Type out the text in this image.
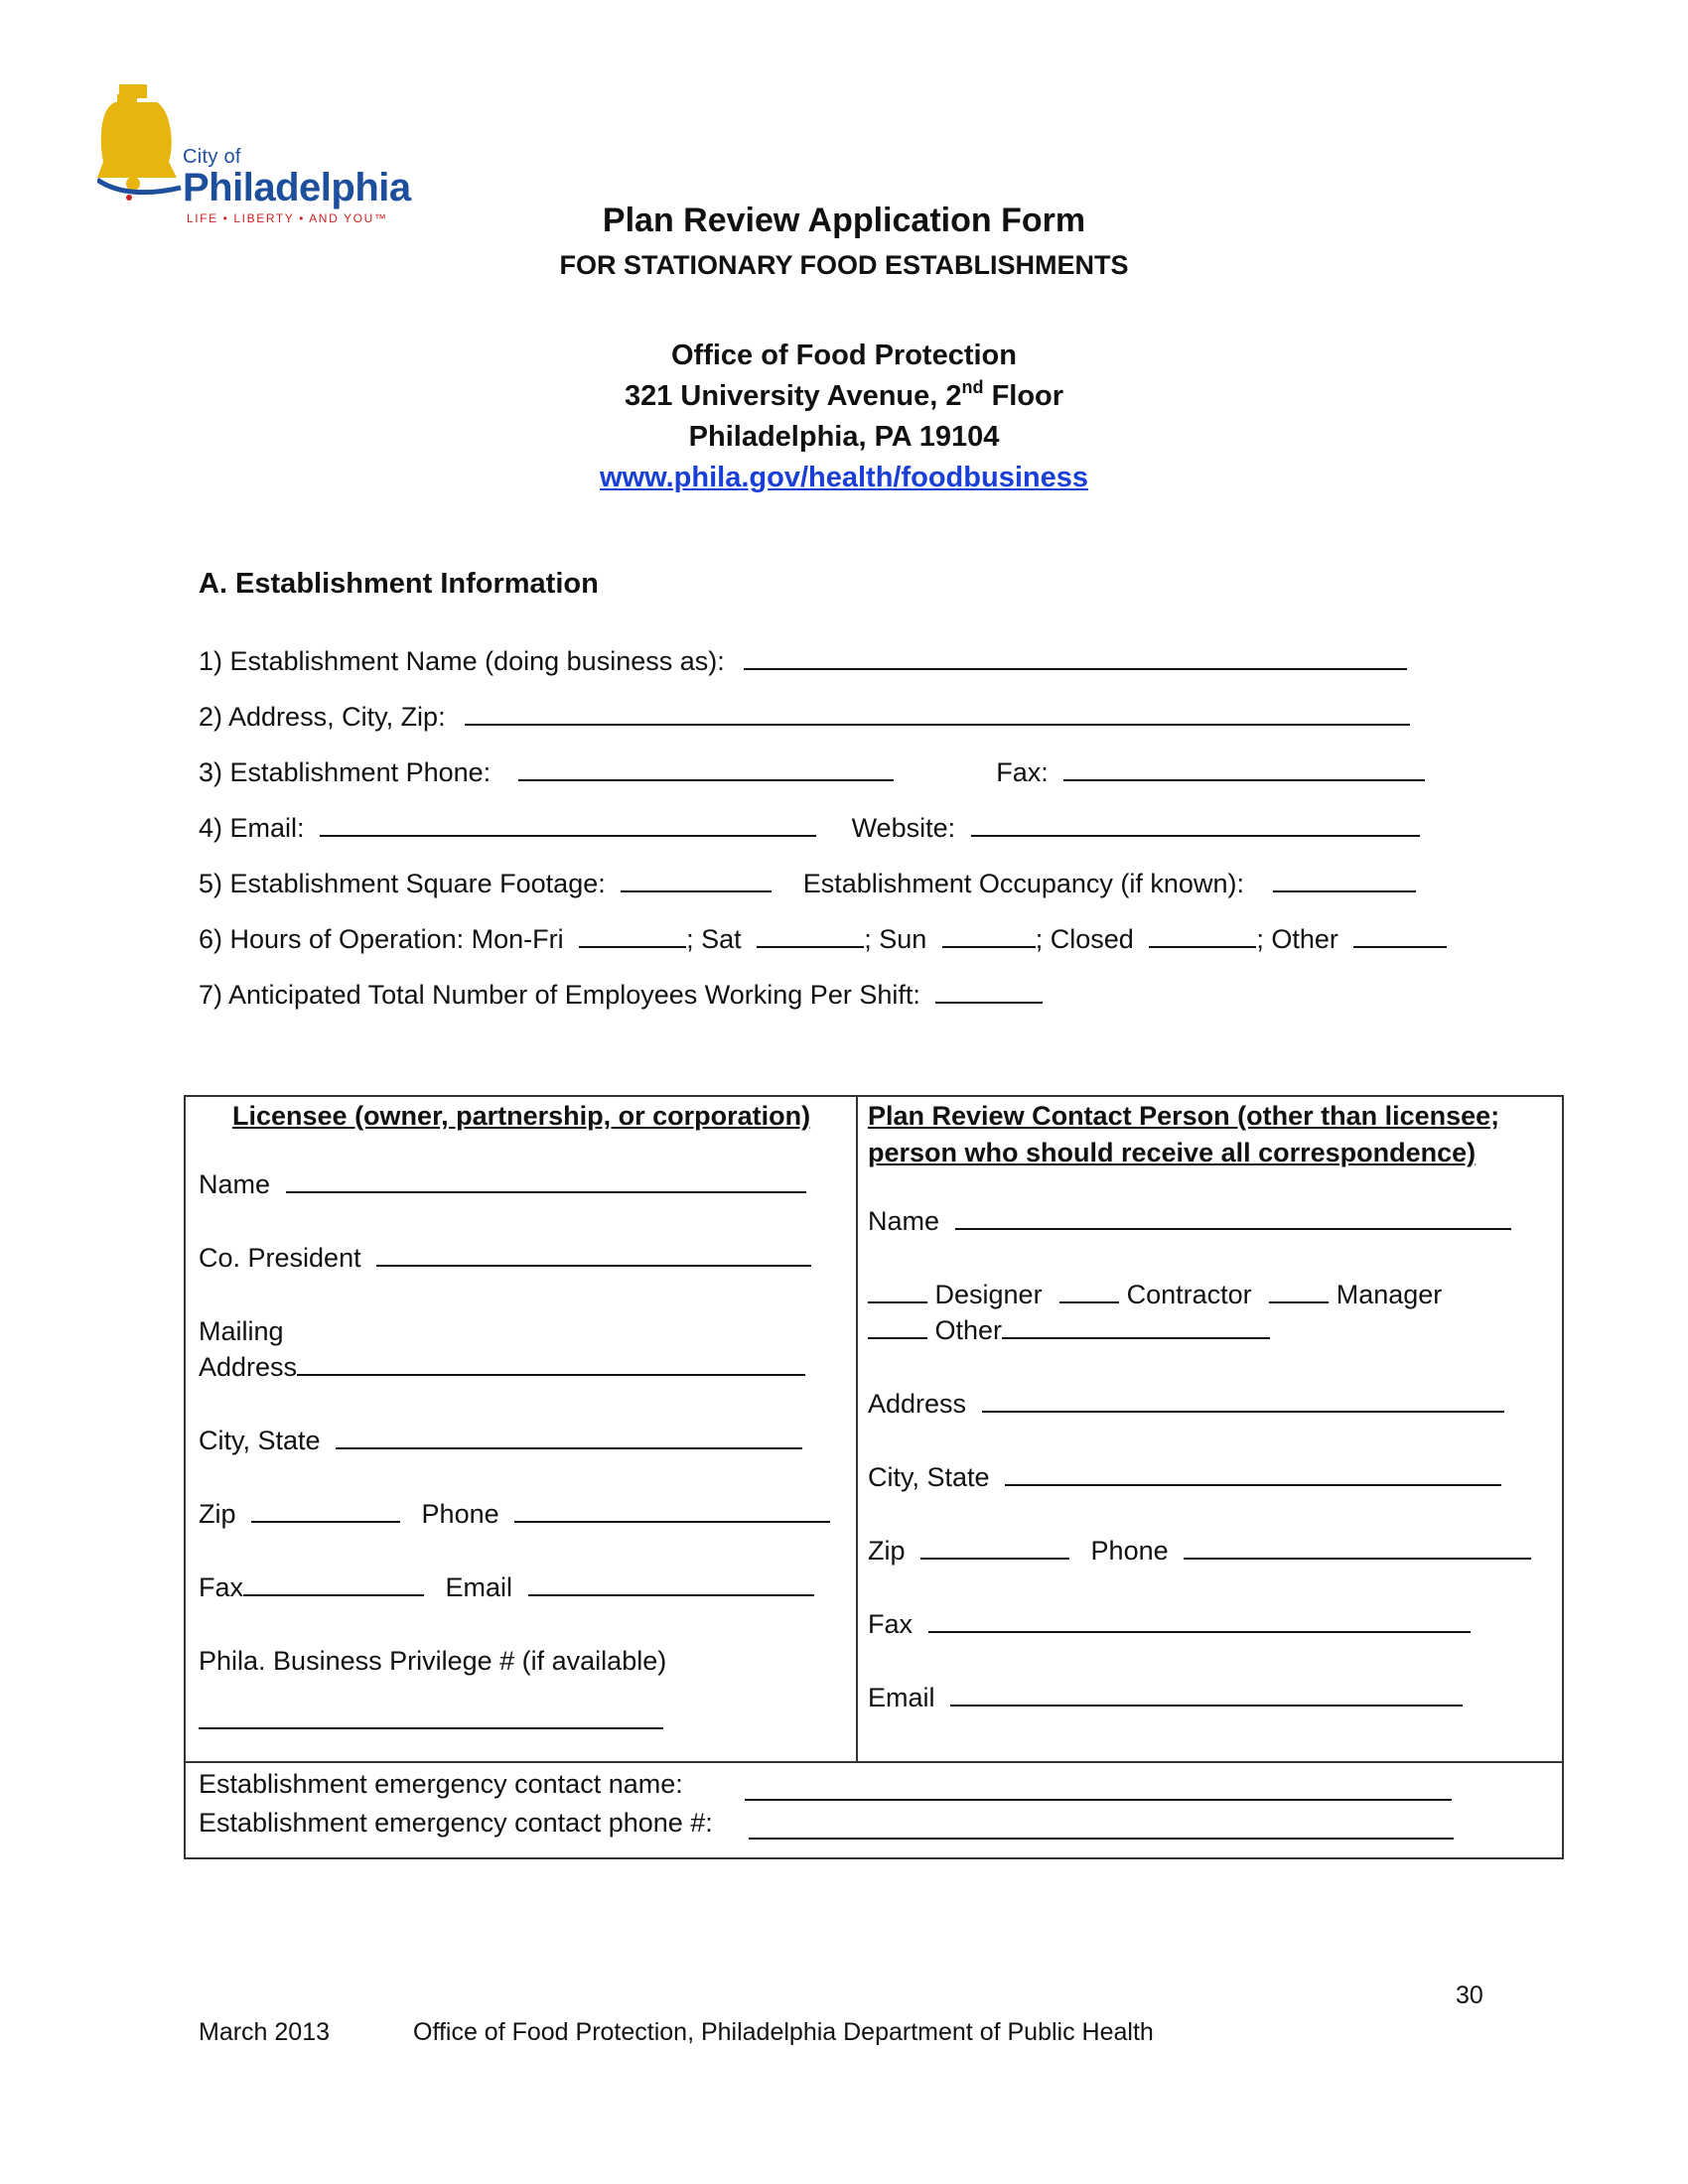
City of
Philadelphia
LIFE • LIBERTY • AND YOU™	Plan Review Application Form
FOR STATIONARY FOOD ESTABLISHMENTS
Office of Food Protection
321 University Avenue, 2nd Floor
Philadelphia, PA 19104
www.phila.gov/health/foodbusiness
A. Establishment Information
1) Establishment Name (doing business as):
2) Address, City, Zip:
3) Establishment Phone:	Fax:
4) Email:	Website:
5) Establishment Square Footage:	Establishment Occupancy (if known):
6) Hours of Operation: Mon-Fri	; Sat	; Sun	; Closed	; Other
7) Anticipated Total Number of Employees Working Per Shift:
Licensee (owner, partnership, or corporation)
Name
Co. President
Mailing
Address
City, State
Zip	Phone
Fax	Email
Phila. Business Privilege # (if available)
Plan Review Contact Person (other than licensee;
person who should receive all correspondence)
Name
Designer	Contractor	Manager
Other
Address
City, State
Zip	Phone
Fax
Email
Establishment emergency contact name:
Establishment emergency contact phone #:
30
March 2013	Office of Food Protection, Philadelphia Department of Public Health
